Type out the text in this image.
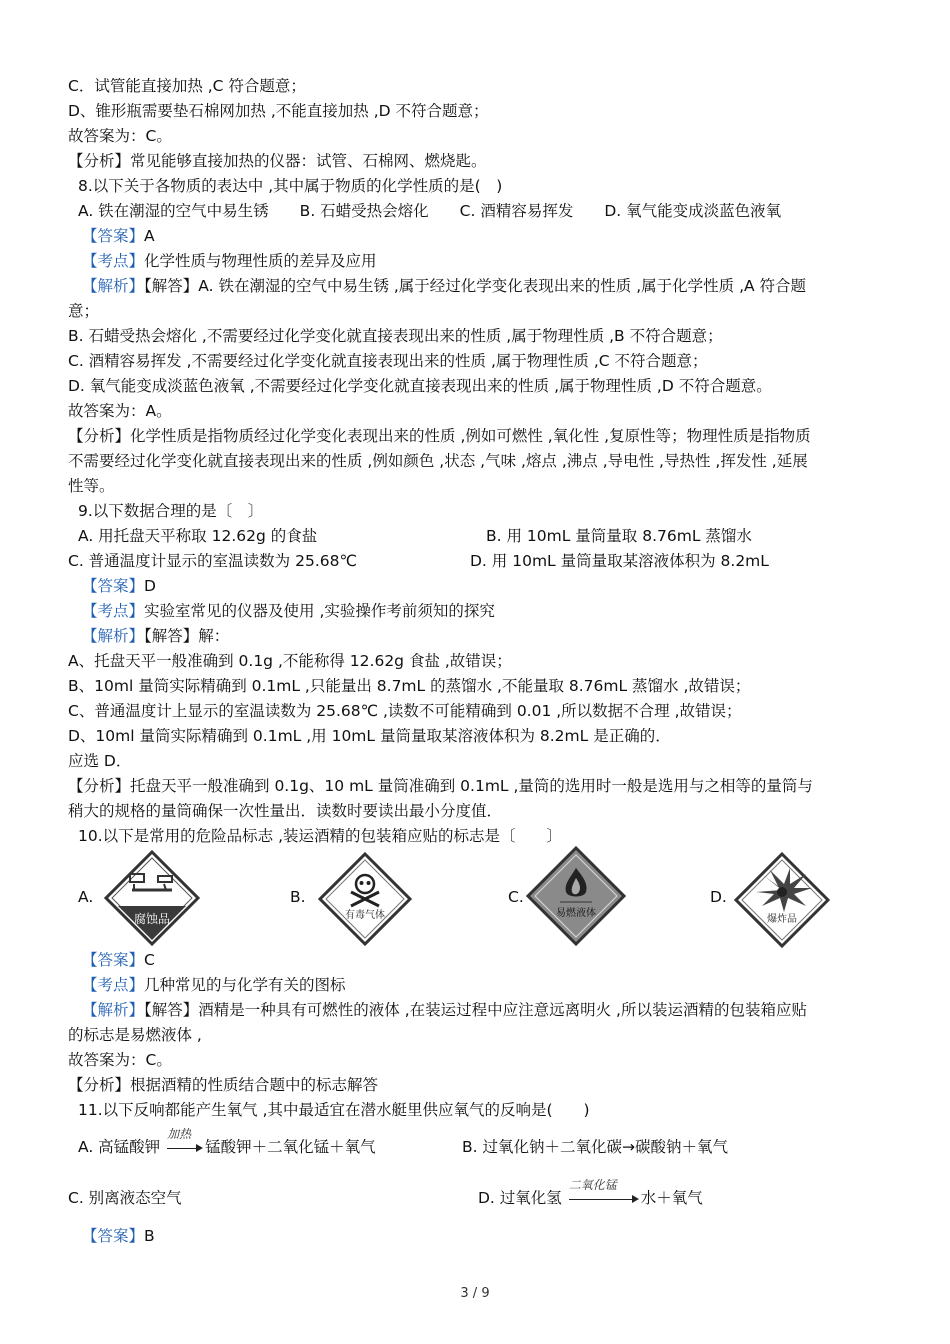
C．试管能直接加热 ,C 符合题意；
D、锥形瓶需要垫石棉网加热 ,不能直接加热 ,D 不符合题意；
故答案为：C。
【分析】常见能够直接加热的仪器：试管、石棉网、燃烧匙。
8.以下关于各物质的表达中 ,其中属于物质的化学性质的是(　)
A. 铁在潮湿的空气中易生锈　　B. 石蜡受热会熔化　　C. 酒精容易挥发　　D. 氧气能变成淡蓝色液氧
【答案】A
【考点】化学性质与物理性质的差异及应用
【解析】【解答】A. 铁在潮湿的空气中易生锈 ,属于经过化学变化表现出来的性质 ,属于化学性质 ,A 符合题
意；
B. 石蜡受热会熔化 ,不需要经过化学变化就直接表现出来的性质 ,属于物理性质 ,B 不符合题意；
C. 酒精容易挥发 ,不需要经过化学变化就直接表现出来的性质 ,属于物理性质 ,C 不符合题意；
D. 氧气能变成淡蓝色液氧 ,不需要经过化学变化就直接表现出来的性质 ,属于物理性质 ,D 不符合题意。
故答案为：A。
【分析】化学性质是指物质经过化学变化表现出来的性质 ,例如可燃性 ,氧化性 ,复原性等；物理性质是指物质
不需要经过化学变化就直接表现出来的性质 ,例如颜色 ,状态 ,气味 ,熔点 ,沸点 ,导电性 ,导热性 ,挥发性 ,延展
性等。
9.以下数据合理的是〔　〕
A. 用托盘天平称取 12.62g 的食盐	B. 用 10mL 量筒量取 8.76mL 蒸馏水
C. 普通温度计显示的室温读数为 25.68℃	D. 用 10mL 量筒量取某溶液体积为 8.2mL
【答案】D
【考点】实验室常见的仪器及使用 ,实验操作考前须知的探究
【解析】【解答】解：
A、托盘天平一般准确到 0.1g ,不能称得 12.62g 食盐 ,故错误；
B、10ml 量筒实际精确到 0.1mL ,只能量出 8.7mL 的蒸馏水 ,不能量取 8.76mL 蒸馏水 ,故错误；
C、普通温度计上显示的室温读数为 25.68℃ ,读数不可能精确到 0.01 ,所以数据不合理 ,故错误；
D、10ml 量筒实际精确到 0.1mL ,用 10mL 量筒量取某溶液体积为 8.2mL 是正确的．
应选 D．
【分析】托盘天平一般准确到 0.1g、10 mL 量筒准确到 0.1mL ,量筒的选用时一般是选用与之相等的量筒与
稍大的规格的量筒确保一次性量出．读数时要读出最小分度值．
10.以下是常用的危险品标志 ,装运酒精的包装箱应贴的标志是〔　　〕
A.
腐蚀品
B.
有毒气体
C.
易燃液体
D.
爆炸品
【答案】C
【考点】几种常见的与化学有关的图标
【解析】【解答】酒精是一种具有可燃性的液体 ,在装运过程中应注意远离明火 ,所以装运酒精的包装箱应贴
的标志是易燃液体 ,
故答案为：C。
【分析】根据酒精的性质结合题中的标志解答
11.以下反响都能产生氧气 ,其中最适宜在潜水艇里供应氧气的反响是(　　)
A. 高锰酸钾
加热
锰酸钾＋二氧化锰＋氧气	B. 过氧化钠＋二氧化碳→碳酸钠＋氧气
C. 别离液态空气	D. 过氧化氢
二氧化锰
水＋氧气
【答案】B
3 / 9
